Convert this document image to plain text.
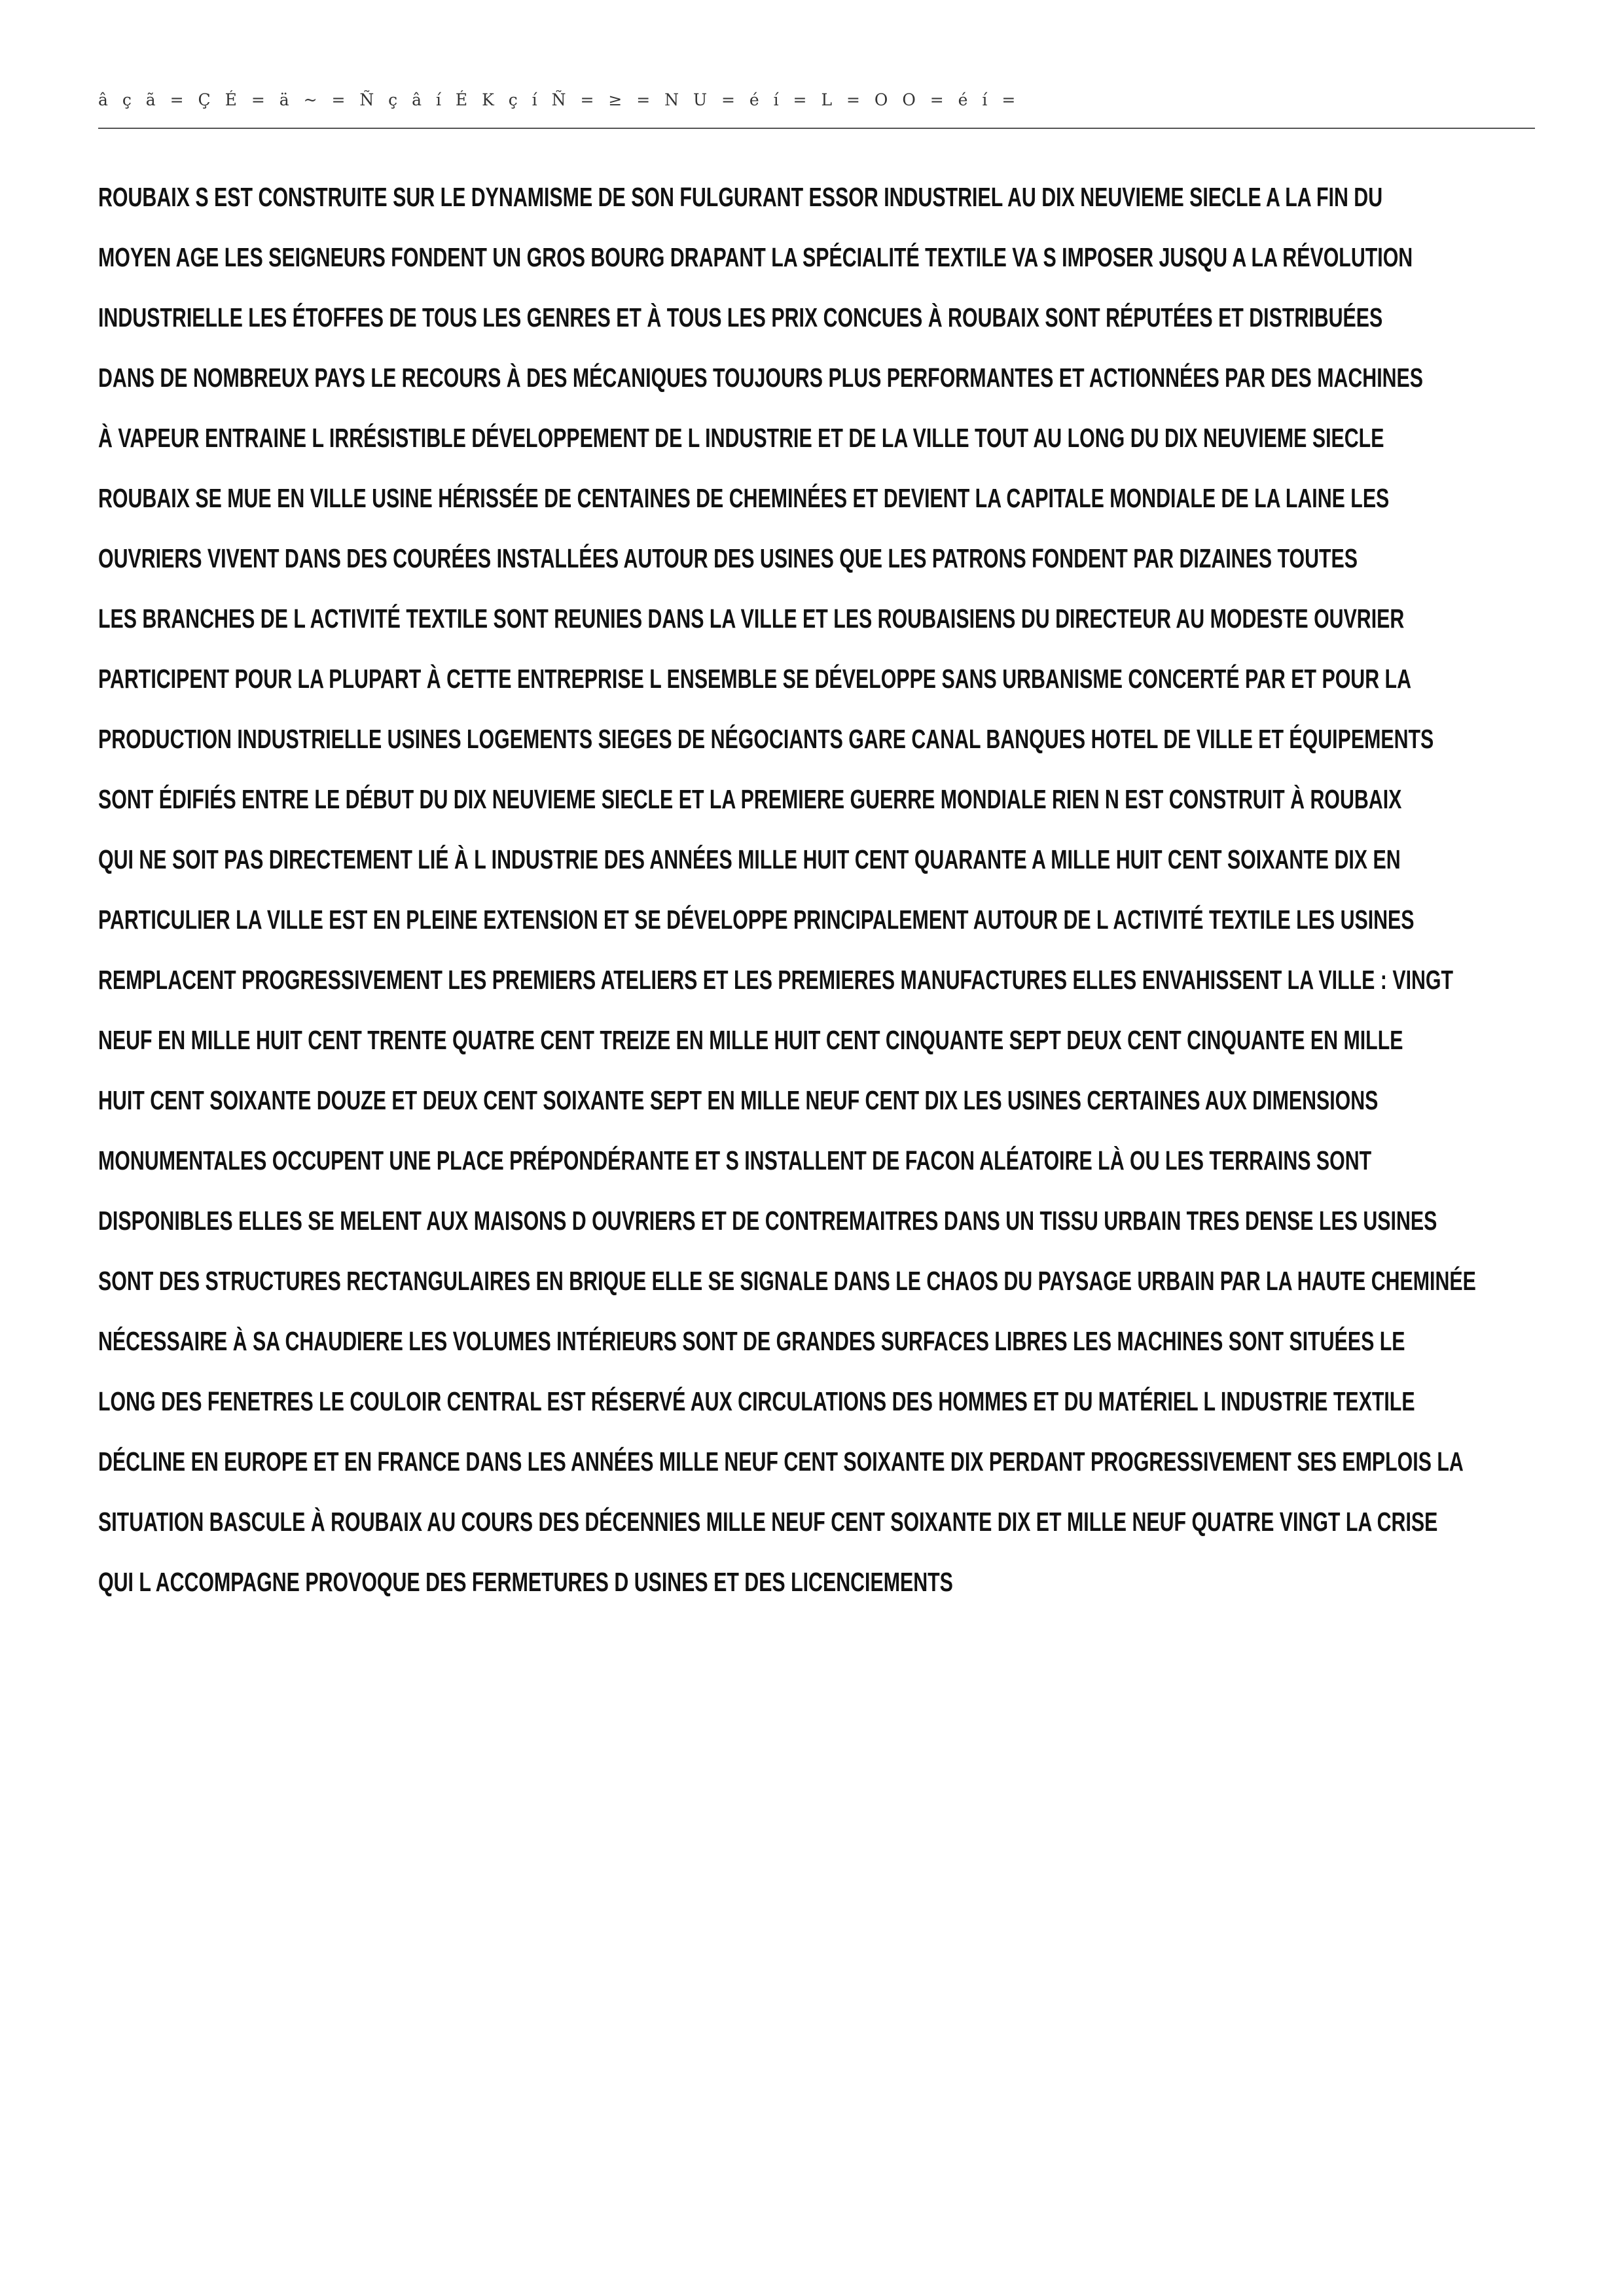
â ç ã = Ç É = ä ~ = Ñ ç â í É K ç í Ñ = ≥ = N U = é í = L = O O = é í =
ROUBAIX S EST CONSTRUITE SUR LE DYNAMISME DE SON FULGURANT ESSOR INDUSTRIEL AU DIX NEUVIEME SIECLE A LA FIN DU
MOYEN AGE LES SEIGNEURS FONDENT UN GROS BOURG DRAPANT LA SPÉCIALITÉ TEXTILE VA S IMPOSER JUSQU A LA RÉVOLUTION
INDUSTRIELLE LES ÉTOFFES DE TOUS LES GENRES ET À TOUS LES PRIX CONCUES À ROUBAIX SONT RÉPUTÉES ET DISTRIBUÉES
DANS DE NOMBREUX PAYS LE RECOURS À DES MÉCANIQUES TOUJOURS PLUS PERFORMANTES ET ACTIONNÉES PAR DES MACHINES
À VAPEUR ENTRAINE L IRRÉSISTIBLE DÉVELOPPEMENT DE L INDUSTRIE ET DE LA VILLE TOUT AU LONG DU DIX NEUVIEME SIECLE
ROUBAIX SE MUE EN VILLE USINE HÉRISSÉE DE CENTAINES DE CHEMINÉES ET DEVIENT LA CAPITALE MONDIALE DE LA LAINE LES
OUVRIERS VIVENT DANS DES COURÉES INSTALLÉES AUTOUR DES USINES QUE LES PATRONS FONDENT PAR DIZAINES TOUTES
LES BRANCHES DE L ACTIVITÉ TEXTILE SONT REUNIES DANS LA VILLE ET LES ROUBAISIENS DU DIRECTEUR AU MODESTE OUVRIER
PARTICIPENT POUR LA PLUPART À CETTE ENTREPRISE L ENSEMBLE SE DÉVELOPPE SANS URBANISME CONCERTÉ PAR ET POUR LA
PRODUCTION INDUSTRIELLE USINES LOGEMENTS SIEGES DE NÉGOCIANTS GARE CANAL BANQUES HOTEL DE VILLE ET ÉQUIPEMENTS
SONT ÉDIFIÉS ENTRE LE DÉBUT DU DIX NEUVIEME SIECLE ET LA PREMIERE GUERRE MONDIALE RIEN N EST CONSTRUIT À ROUBAIX
QUI NE SOIT PAS DIRECTEMENT LIÉ À L INDUSTRIE DES ANNÉES MILLE HUIT CENT QUARANTE A MILLE HUIT CENT SOIXANTE DIX EN
PARTICULIER LA VILLE EST EN PLEINE EXTENSION ET SE DÉVELOPPE PRINCIPALEMENT AUTOUR DE L ACTIVITÉ TEXTILE LES USINES
REMPLACENT PROGRESSIVEMENT LES PREMIERS ATELIERS ET LES PREMIERES MANUFACTURES ELLES ENVAHISSENT LA VILLE : VINGT
NEUF EN MILLE HUIT CENT TRENTE QUATRE CENT TREIZE EN MILLE HUIT CENT CINQUANTE SEPT DEUX CENT CINQUANTE EN MILLE
HUIT CENT SOIXANTE DOUZE ET DEUX CENT SOIXANTE SEPT EN MILLE NEUF CENT DIX LES USINES CERTAINES AUX DIMENSIONS
MONUMENTALES OCCUPENT UNE PLACE PRÉPONDÉRANTE ET S INSTALLENT DE FACON ALÉATOIRE LÀ OU LES TERRAINS SONT
DISPONIBLES ELLES SE MELENT AUX MAISONS D OUVRIERS ET DE CONTREMAITRES DANS UN TISSU URBAIN TRES DENSE LES USINES
SONT DES STRUCTURES RECTANGULAIRES EN BRIQUE ELLE SE SIGNALE DANS LE CHAOS DU PAYSAGE URBAIN PAR LA HAUTE CHEMINÉE
NÉCESSAIRE À SA CHAUDIERE LES VOLUMES INTÉRIEURS SONT DE GRANDES SURFACES LIBRES LES MACHINES SONT SITUÉES LE
LONG DES FENETRES LE COULOIR CENTRAL EST RÉSERVÉ AUX CIRCULATIONS DES HOMMES ET DU MATÉRIEL L INDUSTRIE TEXTILE
DÉCLINE EN EUROPE ET EN FRANCE DANS LES ANNÉES MILLE NEUF CENT SOIXANTE DIX PERDANT PROGRESSIVEMENT SES EMPLOIS LA
SITUATION BASCULE À ROUBAIX AU COURS DES DÉCENNIES MILLE NEUF CENT SOIXANTE DIX ET MILLE NEUF QUATRE VINGT LA CRISE
QUI L ACCOMPAGNE PROVOQUE DES FERMETURES D USINES ET DES LICENCIEMENTS
